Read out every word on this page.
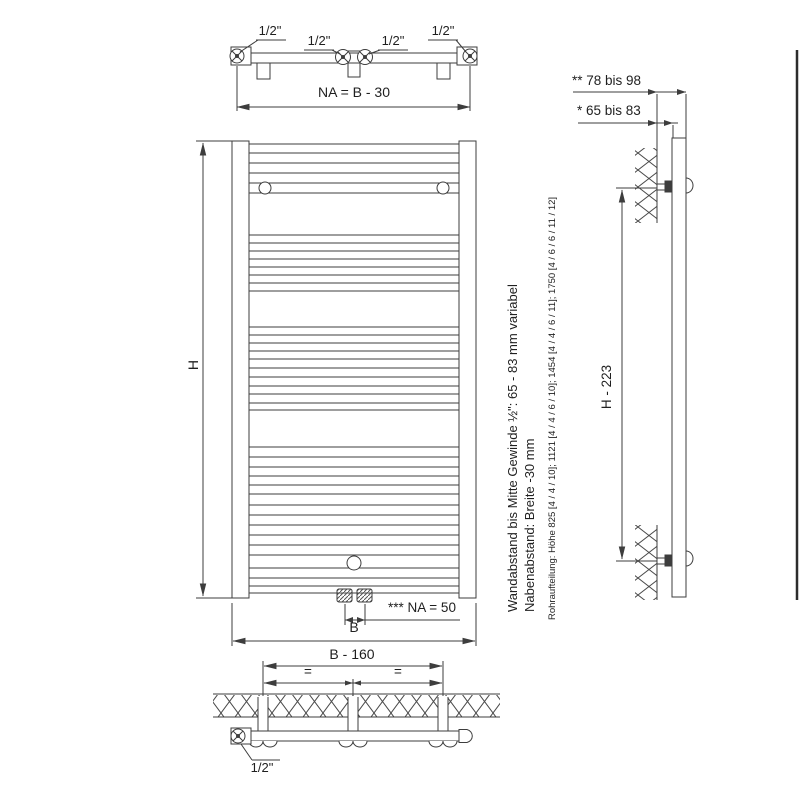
NA = B - 30
1/2"
1/2"	1/2"
1/2"
H
B
*** NA = 50
** 78 bis 98
* 65 bis 83
H - 223
B - 160
=	=
1/2"
Wandabstand bis Mitte Gewinde ½": 65 - 83 mm variabel Nabenabstand: Breite -30 mm Rohraufteilung: Höhe 825 [4 / 4 / 10]; 1121 [4 / 4 / 6 / 10]; 1454 [4 / 4 / 6 / 11]; 1750 [4 / 6 / 6 / 11 / 12]
